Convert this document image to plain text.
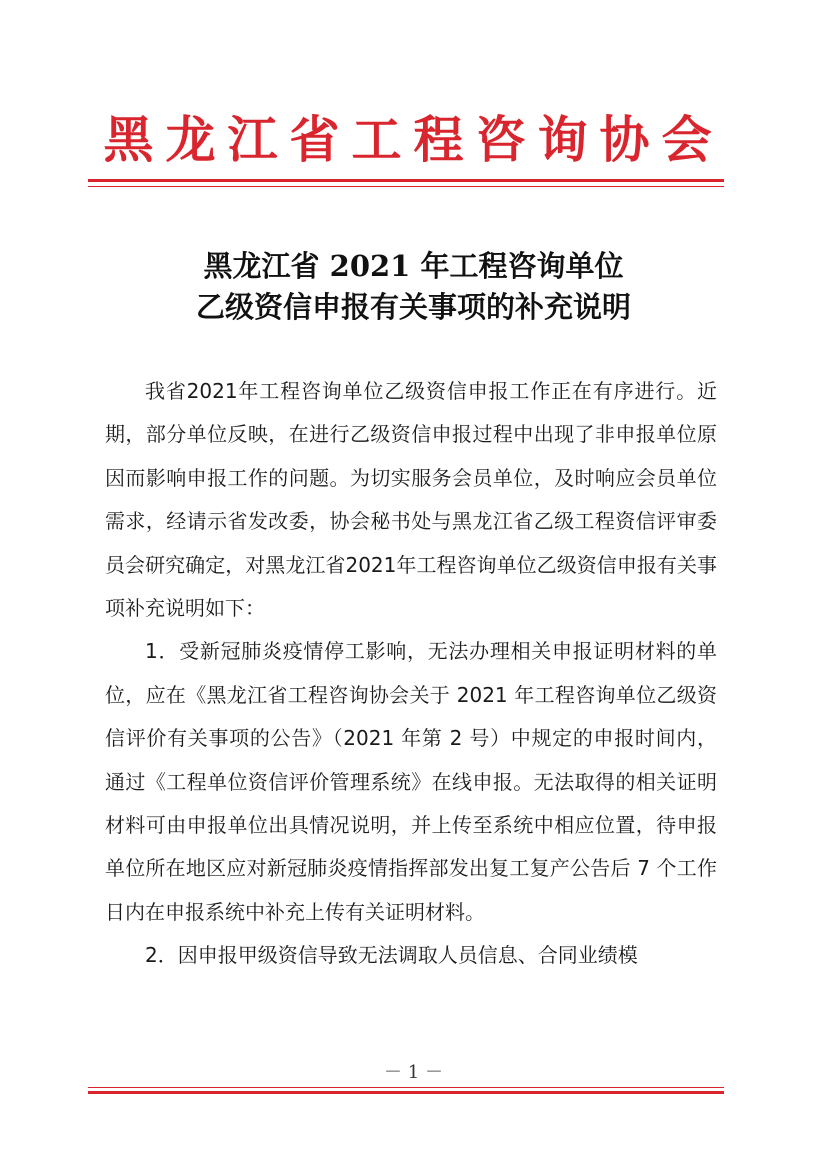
黑龙江省工程咨询协会
黑龙江省 2021 年工程咨询单位
乙级资信申报有关事项的补充说明

我省2021年工程咨询单位乙级资信申报工作正在有序进行。近期，部分单位反映，在进行乙级资信申报过程中出现了非申报单位原因而影响申报工作的问题。为切实服务会员单位，及时响应会员单位需求，经请示省发改委，协会秘书处与黑龙江省乙级工程资信评审委员会研究确定，对黑龙江省2021年工程咨询单位乙级资信申报有关事项补充说明如下：

1．受新冠肺炎疫情停工影响，无法办理相关申报证明材料的单位，应在《黑龙江省工程咨询协会关于 2021 年工程咨询单位乙级资信评价有关事项的公告》（2021 年第 2 号）中规定的申报时间内，通过《工程单位资信评价管理系统》在线申报。无法取得的相关证明材料可由申报单位出具情况说明，并上传至系统中相应位置，待申报单位所在地区应对新冠肺炎疫情指挥部发出复工复产公告后 7 个工作日内在申报系统中补充上传有关证明材料。

2．因申报甲级资信导致无法调取人员信息、合同业绩模

－ 1 －
